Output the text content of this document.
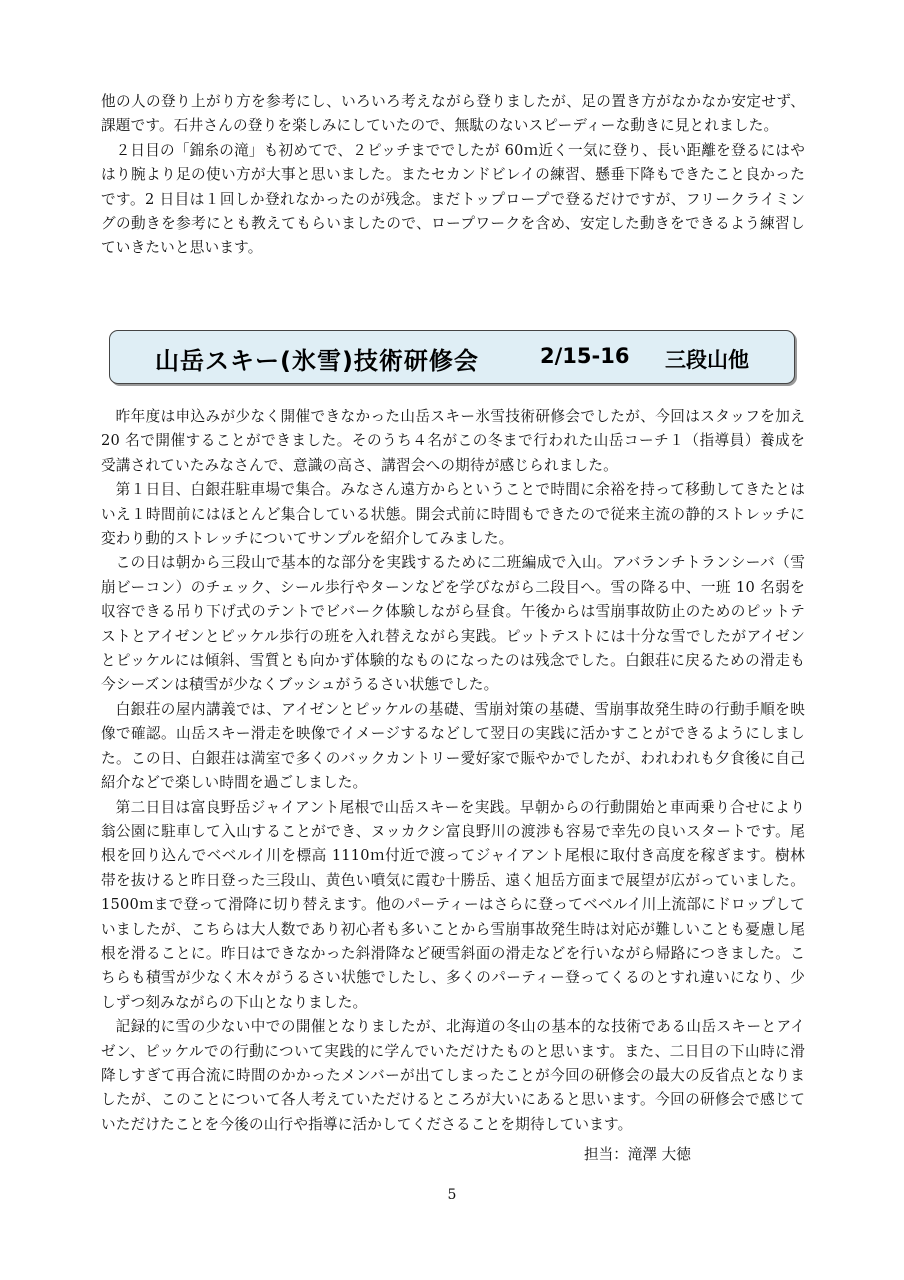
他の人の登り上がり方を参考にし、いろいろ考えながら登りましたが、足の置き方がなかなか安定せず、課題です。石井さんの登りを楽しみにしていたので、無駄のないスピーディーな動きに見とれました。

２日目の「錦糸の滝」も初めてで、２ピッチまででしたが 60ｍ近く一気に登り、長い距離を登るにはやはり腕より足の使い方が大事と思いました。またセカンドビレイの練習、懸垂下降もできたこと良かったです。2 日目は１回しか登れなかったのが残念。まだトップロープで登るだけですが、フリークライミングの動きを参考にとも教えてもらいましたので、ロープワークを含め、安定した動きをできるよう練習していきたいと思います。

山岳スキー(氷雪)技術研修会	2/15-16 三段山他

昨年度は申込みが少なく開催できなかった山岳スキー氷雪技術研修会でしたが、今回はスタッフを加え 20 名で開催することができました。そのうち４名がこの冬まで行われた山岳コーチ１（指導員）養成を受講されていたみなさんで、意識の高さ、講習会への期待が感じられました。

第１日目、白銀荘駐車場で集合。みなさん遠方からということで時間に余裕を持って移動してきたとはいえ１時間前にはほとんど集合している状態。開会式前に時間もできたので従来主流の静的ストレッチに変わり動的ストレッチについてサンプルを紹介してみました。

この日は朝から三段山で基本的な部分を実践するために二班編成で入山。アバランチトランシーバ（雪崩ビーコン）のチェック、シール歩行やターンなどを学びながら二段目へ。雪の降る中、一班 10 名弱を収容できる吊り下げ式のテントでビバーク体験しながら昼食。午後からは雪崩事故防止のためのピットテストとアイゼンとピッケル歩行の班を入れ替えながら実践。ピットテストには十分な雪でしたがアイゼンとピッケルには傾斜、雪質とも向かず体験的なものになったのは残念でした。白銀荘に戻るための滑走も今シーズンは積雪が少なくブッシュがうるさい状態でした。

白銀荘の屋内講義では、アイゼンとピッケルの基礎、雪崩対策の基礎、雪崩事故発生時の行動手順を映像で確認。山岳スキー滑走を映像でイメージするなどして翌日の実践に活かすことができるようにしました。この日、白銀荘は満室で多くのバックカントリー愛好家で賑やかでしたが、われわれも夕食後に自己紹介などで楽しい時間を過ごしました。

第二日目は富良野岳ジャイアント尾根で山岳スキーを実践。早朝からの行動開始と車両乗り合せにより翁公園に駐車して入山することができ、ヌッカクシ富良野川の渡渉も容易で幸先の良いスタートです。尾根を回り込んでベベルイ川を標高 1110ｍ付近で渡ってジャイアント尾根に取付き高度を稼ぎます。樹林帯を抜けると昨日登った三段山、黄色い噴気に霞む十勝岳、遠く旭岳方面まで展望が広がっていました。1500ｍまで登って滑降に切り替えます。他のパーティーはさらに登ってベベルイ川上流部にドロップしていましたが、こちらは大人数であり初心者も多いことから雪崩事故発生時は対応が難しいことも憂慮し尾根を滑ることに。昨日はできなかった斜滑降など硬雪斜面の滑走などを行いながら帰路につきました。こちらも積雪が少なく木々がうるさい状態でしたし、多くのパーティー登ってくるのとすれ違いになり、少しずつ刻みながらの下山となりました。

記録的に雪の少ない中での開催となりましたが、北海道の冬山の基本的な技術である山岳スキーとアイゼン、ピッケルでの行動について実践的に学んでいただけたものと思います。また、二日目の下山時に滑降しすぎて再合流に時間のかかったメンバーが出てしまったことが今回の研修会の最大の反省点となりましたが、このことについて各人考えていただけるところが大いにあると思います。今回の研修会で感じていただけたことを今後の山行や指導に活かしてくださることを期待しています。

担当：滝澤 大徳
5
